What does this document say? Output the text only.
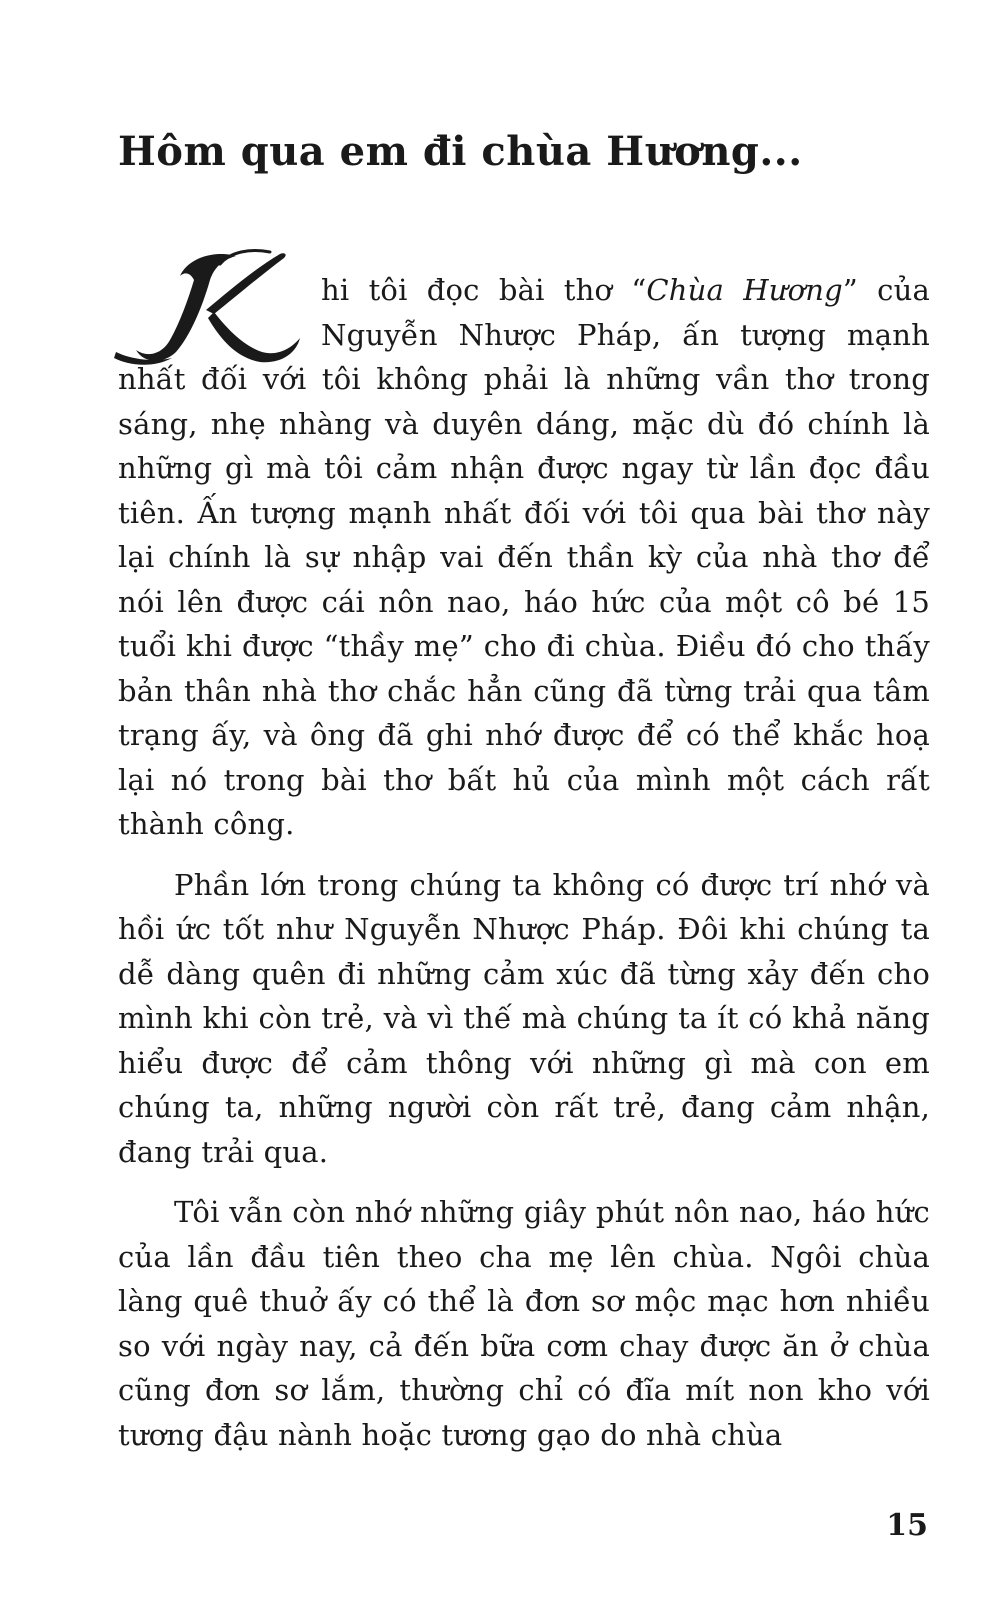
Hôm qua em đi chùa Hương...

K
hi tôi đọc bài thơ “Chùa Hương” của Nguyễn Nhược Pháp, ấn tượng mạnh nhất đối với tôi không phải là những vần thơ trong sáng, nhẹ nhàng và duyên dáng, mặc dù đó chính là những gì mà tôi cảm nhận được ngay từ lần đọc đầu tiên. Ấn tượng mạnh nhất đối với tôi qua bài thơ này lại chính là sự nhập vai đến thần kỳ của nhà thơ để nói lên được cái nôn nao, háo hức của một cô bé 15 tuổi khi được “thầy mẹ” cho đi chùa. Điều đó cho thấy bản thân nhà thơ chắc hẳn cũng đã từng trải qua tâm trạng ấy, và ông đã ghi nhớ được để có thể khắc hoạ lại nó trong bài thơ bất hủ của mình một cách rất thành công.

Phần lớn trong chúng ta không có được trí nhớ và hồi ức tốt như Nguyễn Nhược Pháp. Đôi khi chúng ta dễ dàng quên đi những cảm xúc đã từng xảy đến cho mình khi còn trẻ, và vì thế mà chúng ta ít có khả năng hiểu được để cảm thông với những gì mà con em chúng ta, những người còn rất trẻ, đang cảm nhận, đang trải qua.

Tôi vẫn còn nhớ những giây phút nôn nao, háo hức của lần đầu tiên theo cha mẹ lên chùa. Ngôi chùa làng quê thuở ấy có thể là đơn sơ mộc mạc hơn nhiều so với ngày nay, cả đến bữa cơm chay được ăn ở chùa cũng đơn sơ lắm, thường chỉ có đĩa mít non kho với tương đậu nành hoặc tương gạo do nhà chùa

15
